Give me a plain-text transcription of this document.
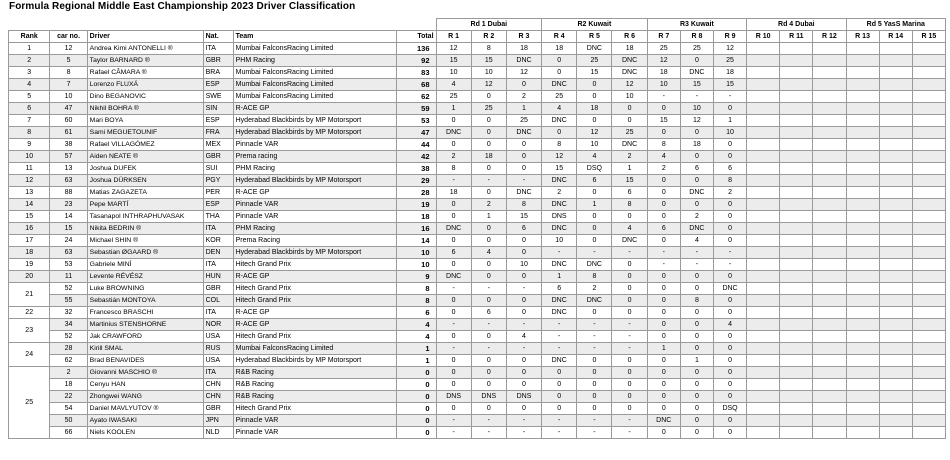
Formula Regional Middle East Championship 2023 Driver Classification
						Rd 1 Dubai			R2 Kuwait			R3 Kuwait			Rd 4 Dubai			Rd 5 YasS Marina		
Rank	car no.	Driver	Nat.	Team	Total	R 1	R 2	R 3	R 4	R 5	R 6	R 7	R 8	R 9	R 10	R 11	R 12	R 13	R 14	R 15
1	12	Andrea Kimi ANTONELLI ®	ITA	Mumbai FalconsRacing Limited	136	12	8	18	18	DNC	18	25	25	12						
2	5	Taylor BARNARD ®	GBR	PHM Racing	92	15	15	DNC	0	25	DNC	12	0	25						
3	8	Rafael CÂMARA ®	BRA	Mumbai FalconsRacing Limited	83	10	10	12	0	15	DNC	18	DNC	18						
4	7	Lorenzo FLUXÁ	ESP	Mumbai FalconsRacing Limited	68	4	12	0	DNC	0	12	10	15	15						
5	10	Dino BEGANOVIC	SWE	Mumbai FalconsRacing Limited	62	25	0	2	25	0	10	-	-	-						
6	47	Nikhil BOHRA ®	SIN	R-ACE GP	59	1	25	1	4	18	0	0	10	0						
7	60	Mari BOYA	ESP	Hyderabad Blackbirds by MP Motorsport	53	0	0	25	DNC	0	0	15	12	1						
8	61	Sami MEGUETOUNIF	FRA	Hyderabad Blackbirds by MP Motorsport	47	DNC	0	DNC	0	12	25	0	0	10						
9	38	Rafael VILLAGÓMEZ	MEX	Pinnacle VAR	44	0	0	0	8	10	DNC	8	18	0						
10	57	Aiden NEATE ®	GBR	Prema racing	42	2	18	0	12	4	2	4	0	0						
11	13	Joshua DUFEK	SUI	PHM Racing	38	8	0	0	15	DSQ	1	2	6	6						
12	63	Joshua DÜRKSEN	PGY	Hyderabad Blackbirds by MP Motorsport	29	-	-	-	DNC	6	15	0	0	8						
13	88	Matias ZAGAZETA	PER	R-ACE GP	28	18	0	DNC	2	0	6	0	DNC	2						
14	23	Pepe MARTÍ	ESP	Pinnacle VAR	19	0	2	8	DNC	1	8	0	0	0						
15	14	Tasanapol INTHRAPHUVASAK	THA	Pinnacle VAR	18	0	1	15	DNS	0	0	0	2	0						
16	15	Nikita BEDRIN ®	ITA	PHM Racing	16	DNC	0	6	DNC	0	4	6	DNC	0						
17	24	Michael SHIN ®	KOR	Prema Racing	14	0	0	0	10	0	DNC	0	4	0						
18	63	Sebastian ØGAARD ®	DEN	Hyderabad Blackbirds by MP Motorsport	10	6	4	0	-	-	-	-	-	-						
19	53	Gabriele MINÌ	ITA	Hitech Grand Prix	10	0	0	10	DNC	DNC	0	-	-	-						
20	11	Levente RÉVÉSZ	HUN	R-ACE GP	9	DNC	0	0	1	8	0	0	0	0						
21	52	Luke BROWNING	GBR	Hitech Grand Prix	8	-	-	-	6	2	0	0	0	DNC						
	55	Sebastián MONTOYA	COL	Hitech Grand Prix	8	0	0	0	DNC	DNC	0	0	8	0						
22	32	Francesco BRASCHI	ITA	R-ACE GP	6	0	6	0	DNC	0	0	0	0	0						
23	34	Martinius STENSHORNE	NOR	R-ACE GP	4	-	-	-	-	-	-	0	0	4						
	52	Jak CRAWFORD	USA	Hitech Grand Prix	4	0	0	4	-	-	-	0	0	0						
24	28	Kirill SMAL	RUS	Mumbai FalconsRacing Limited	1	-	-	-	-	-	-	1	0	0						
	62	Brad BENAVIDES	USA	Hyderabad Blackbirds by MP Motorsport	1	0	0	0	DNC	0	0	0	1	0						
25	2	Giovanni MASCHIO ®	ITA	R&B Racing	0	0	0	0	0	0	0	0	0	0						
	18	Cenyu HAN	CHN	R&B Racing	0	0	0	0	0	0	0	0	0	0						
	22	Zhongwei WANG	CHN	R&B Racing	0	DNS	DNS	DNS	0	0	0	0	0	0						
	54	Daniel MAVLYUTOV ®	GBR	Hitech Grand Prix	0	0	0	0	0	0	0	0	0	DSQ						
	50	Ayato IWASAKI	JPN	Pinnacle VAR	0	-	-	-	-	-	-	DNC	0	0						
	66	Niels KOOLEN	NLD	Pinnacle VAR	0	-	-	-	-	-	-	0	0	0						
